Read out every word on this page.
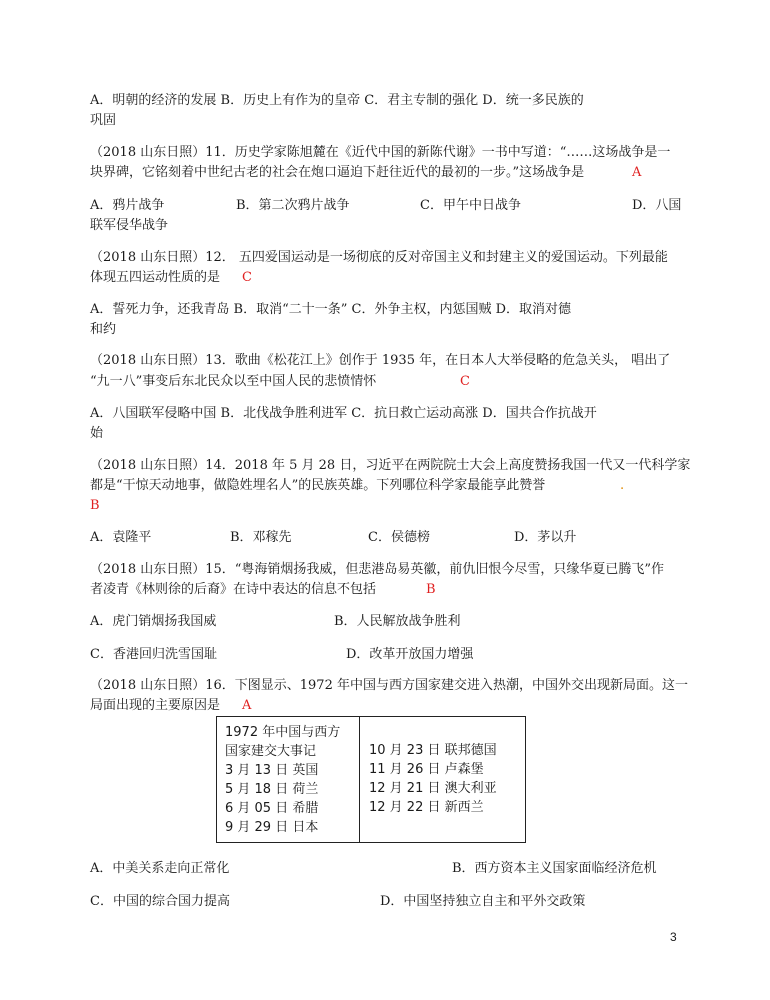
A．明朝的经济的发展 B．历史上有作为的皇帝 C．君主专制的强化 D．统一多民族的
巩固
（2018 山东日照）11．历史学家陈旭麓在《近代中国的新陈代谢》一书中写道：“……这场战争是一
块界碑，它铭刻着中世纪古老的社会在炮口逼迫下赶往近代的最初的一步。”这场战争是	A
A．鸦片战争	B．第二次鸦片战争	C．甲午中日战争	D．八国
联军侵华战争
（2018 山东日照）12． 五四爱国运动是一场彻底的反对帝国主义和封建主义的爱国运动。下列最能
体现五四运动性质的是 C
A．誓死力争，还我青岛 B．取消“二十一条” C．外争主权，内惩国贼 D．取消对德
和约
（2018 山东日照）13．歌曲《松花江上》创作于 1935 年，在日本人大举侵略的危急关头， 唱出了
“九一八”事变后东北民众以至中国人民的悲愤情怀	C
A．八国联军侵略中国 B．北伐战争胜利进军 C．抗日救亡运动高涨 D．国共合作抗战开
始
（2018 山东日照）14．2018 年 5 月 28 日，习近平在两院院士大会上高度赞扬我国一代又一代科学家
都是“干惊天动地事，做隐姓埋名人”的民族英雄。下列哪位科学家最能享此赞誉	.
B
A．袁隆平	B．邓稼先	C．侯德榜	D．茅以升
（2018 山东日照）15．“粤海销烟扬我威，但悲港岛易英徽，前仇旧恨今尽雪，只缘华夏已腾飞”作
者凌青《林则徐的后裔》在诗中表达的信息不包括	B
A．虎门销烟扬我国威	B．人民解放战争胜利
C．香港回归洗雪国耻	D．改革开放国力增强
（2018 山东日照）16．下图显示、1972 年中国与西方国家建交进入热潮，中国外交出现新局面。这一
局面出现的主要原因是 A
1972 年中国与西方
国家建交大事记
3 月 13 日 英国
5 月 18 日 荷兰
6 月 05 日 希腊
9 月 29 日 日本
10 月 23 日 联邦德国
11 月 26 日 卢森堡
12 月 21 日 澳大利亚
12 月 22 日 新西兰
A．中美关系走向正常化	B．西方资本主义国家面临经济危机
C．中国的综合国力提高	D．中国坚持独立自主和平外交政策
3
